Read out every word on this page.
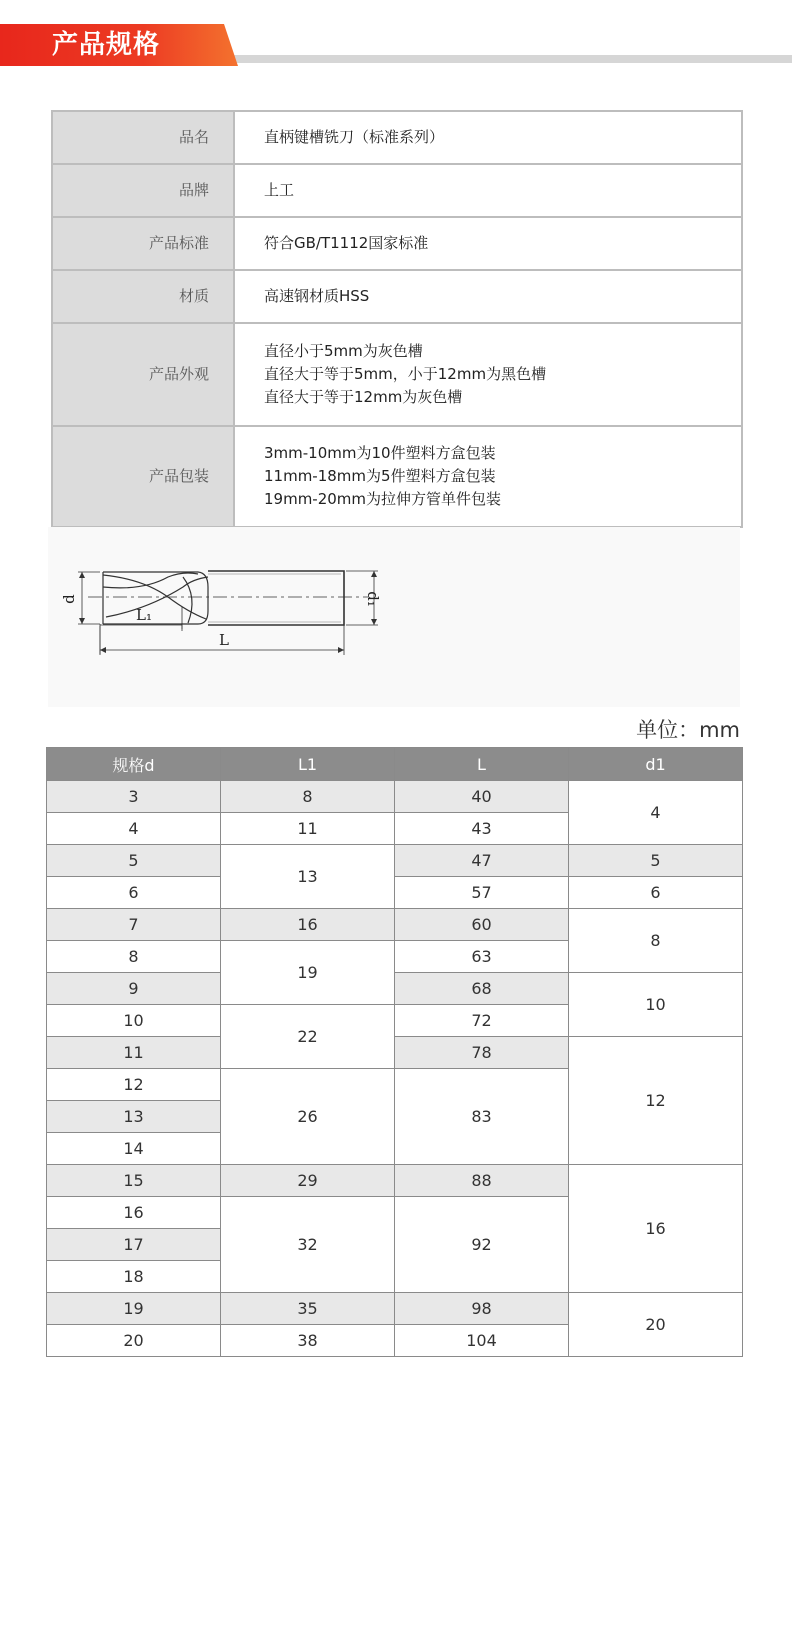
产品规格
品名	直柄键槽铣刀（标准系列）

品牌	上工

产品标准	符合GB/T1112国家标准

材质	高速钢材质HSS

产品外观	直径小于5mm为灰色槽
直径大于等于5mm，小于12mm为黑色槽
直径大于等于12mm为灰色槽

产品包装	3mm-10mm为10件塑料方盒包装
11mm-18mm为5件塑料方盒包装
19mm-20mm为拉伸方管单件包装
d	d₁
L₁
L
单位：mm
规格d	L1	L	d1
3	8	40	4
4	11	43	
5	13	47	5
6		57	6
7	16	60	8
8	19	63	
9		68	10
10	22	72	
11		78	12
12	26	83	
13			
14			
15	29	88	16
16	32	92	
17			
18			
19	35	98	20
20	38	104	
